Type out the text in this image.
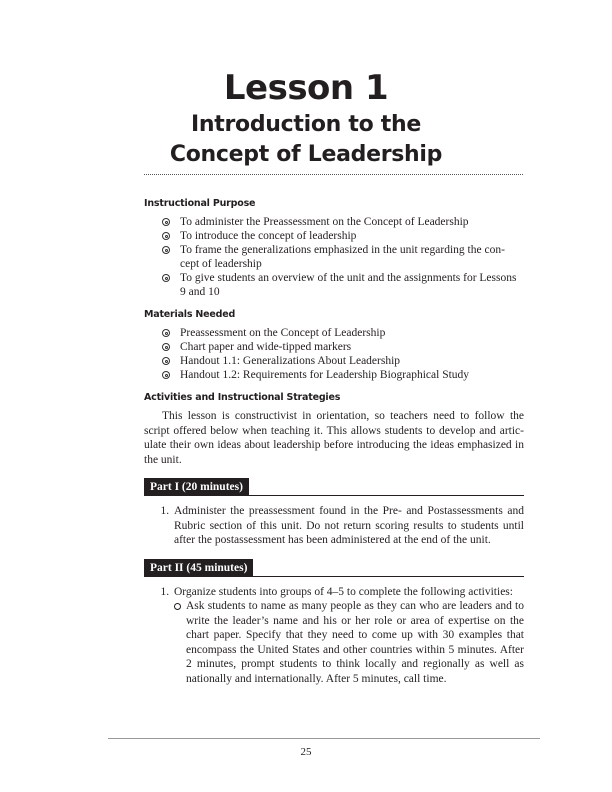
Lesson 1
Introduction to the
Concept of Leadership
Instructional Purpose
To administer the Preassessment on the Concept of Leadership
To introduce the concept of leadership
To frame the generalizations emphasized in the unit regarding the con-cept of leadership
To give students an overview of the unit and the assignments for Lessons 9 and 10
Materials Needed
Preassessment on the Concept of Leadership
Chart paper and wide-tipped markers
Handout 1.1: Generalizations About Leadership
Handout 1.2: Requirements for Leadership Biographical Study
Activities and Instructional Strategies

This lesson is constructivist in orientation, so teachers need to follow the script offered below when teaching it. This allows students to develop and artic-ulate their own ideas about leadership before introducing the ideas emphasized in the unit.

Part I (20 minutes)
1. Administer the preassessment found in the Pre- and Postassessments and Rubric section of this unit. Do not return scoring results to students until after the postassessment has been administered at the end of the unit.
Part II (45 minutes)
1. Organize students into groups of 4–5 to complete the following activities:
Ask students to name as many people as they can who are leaders and to write the leader’s name and his or her role or area of expertise on the chart paper. Specify that they need to come up with 30 examples that encompass the United States and other countries within 5 minutes. After 2 minutes, prompt students to think locally and regionally as well as nationally and internationally. After 5 minutes, call time.
25
